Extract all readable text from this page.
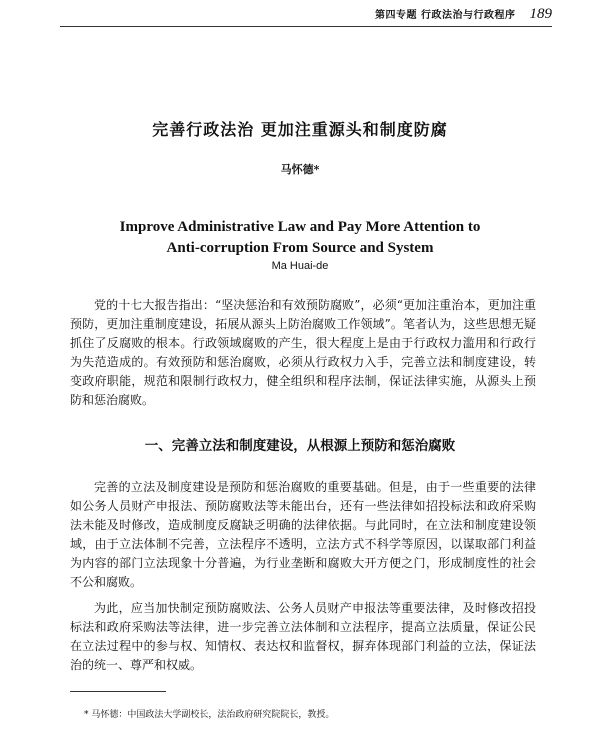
第四专题 行政法治与行政程序 189
完善行政法治 更加注重源头和制度防腐
马怀德*
Improve Administrative Law and Pay More Attention to
Anti-corruption From Source and System
Ma Huai-de

党的十七大报告指出：“坚决惩治和有效预防腐败”，必须“更加注重治本，更加注重预防，更加注重制度建设，拓展从源头上防治腐败工作领域”。笔者认为，这些思想无疑抓住了反腐败的根本。行政领域腐败的产生，很大程度上是由于行政权力滥用和行政行为失范造成的。有效预防和惩治腐败，必须从行政权力入手，完善立法和制度建设，转变政府职能，规范和限制行政权力，健全组织和程序法制，保证法律实施，从源头上预防和惩治腐败。

一、完善立法和制度建设，从根源上预防和惩治腐败

完善的立法及制度建设是预防和惩治腐败的重要基础。但是，由于一些重要的法律如公务人员财产申报法、预防腐败法等未能出台，还有一些法律如招投标法和政府采购法未能及时修改，造成制度反腐缺乏明确的法律依据。与此同时，在立法和制度建设领域，由于立法体制不完善，立法程序不透明，立法方式不科学等原因，以谋取部门利益为内容的部门立法现象十分普遍，为行业垄断和腐败大开方便之门，形成制度性的社会不公和腐败。

为此，应当加快制定预防腐败法、公务人员财产申报法等重要法律，及时修改招投标法和政府采购法等法律，进一步完善立法体制和立法程序，提高立法质量，保证公民在立法过程中的参与权、知情权、表达权和监督权，摒弃体现部门利益的立法，保证法治的统一、尊严和权威。

* 马怀德：中国政法大学副校长，法治政府研究院院长，教授。
